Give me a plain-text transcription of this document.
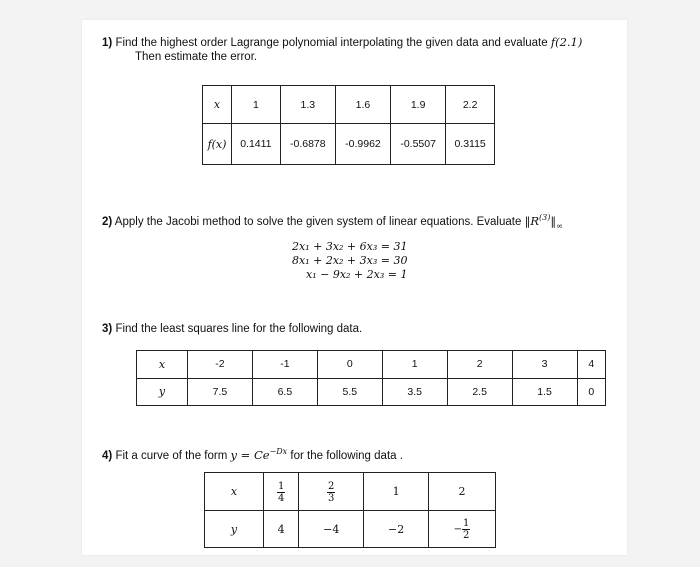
1) Find the highest order Lagrange polynomial interpolating the given data and evaluate f(2.1)
Then estimate the error.
x	1	1.3	1.6	1.9	2.2
f(x)	0.1411	-0.6878	-0.9962	-0.5507	0.3115
2) Apply the Jacobi method to solve the given system of linear equations. Evaluate $‖R^{(3)}‖_\infty$
2x₁ + 3x₂ + 6x₃ = 31
8x₁ + 2x₂ + 3x₃ = 30
x₁ − 9x₂ + 2x₃ = 1
3) Find the least squares line for the following data.
x	-2	-1	0	1	2	3	4
y	7.5	6.5	5.5	3.5	2.5	1.5	0
4) Fit a curve of the form $y = Ce^{-Dx}$ for the following data .
x	$\frac{1}{4}$	$\frac{2}{3}$	1	2
y	4	−4	−2	− $\frac{1}{2}$
